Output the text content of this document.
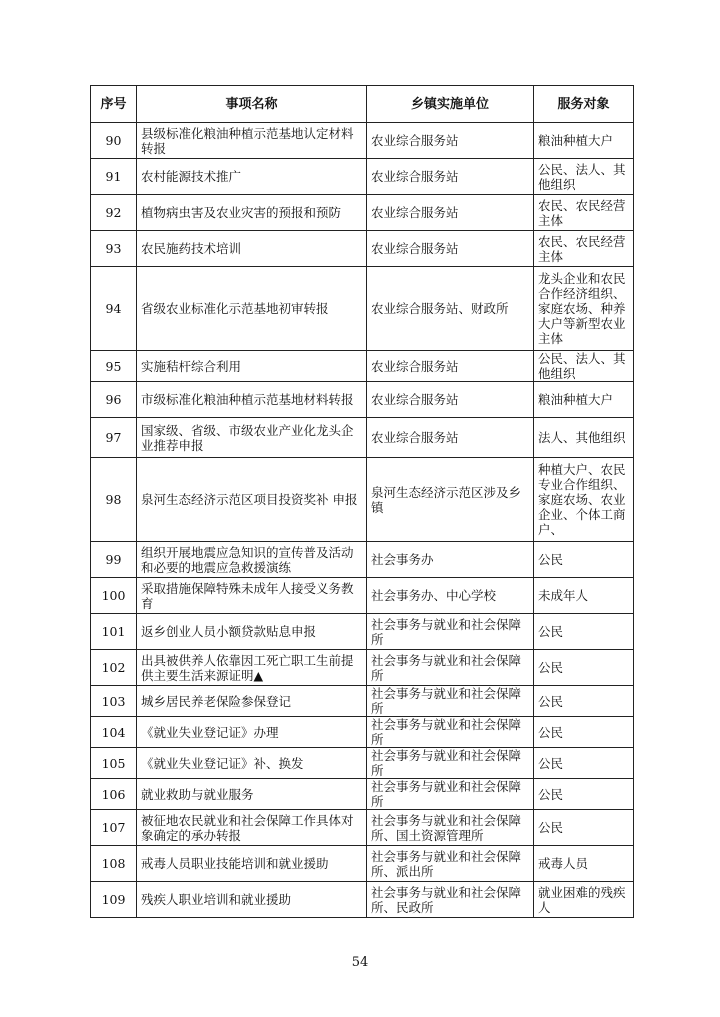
序号	事项名称	乡镇实施单位	服务对象
90	县级标准化粮油种植示范基地认定材料转报	农业综合服务站	粮油种植大户
91	农村能源技术推广	农业综合服务站	公民、法人、其他组织
92	植物病虫害及农业灾害的预报和预防	农业综合服务站	农民、农民经营主体
93	农民施药技术培训	农业综合服务站	农民、农民经营主体
94	省级农业标准化示范基地初审转报	农业综合服务站、财政所	龙头企业和农民合作经济组织、家庭农场、种养大户等新型农业主体
95	实施秸杆综合利用	农业综合服务站	公民、法人、其他组织
96	市级标准化粮油种植示范基地材料转报	农业综合服务站	粮油种植大户
97	国家级、省级、市级农业产业化龙头企业推荐申报	农业综合服务站	法人、其他组织
98	泉河生态经济示范区项目投资奖补 申报	泉河生态经济示范区涉及乡镇	种植大户、农民专业合作组织、家庭农场、农业企业、个体工商户、
99	组织开展地震应急知识的宣传普及活动和必要的地震应急救援演练	社会事务办	公民
100	采取措施保障特殊未成年人接受义务教育	社会事务办、中心学校	未成年人
101	返乡创业人员小额贷款贴息申报	社会事务与就业和社会保障所	公民
102	出具被供养人依靠因工死亡职工生前提供主要生活来源证明▲	社会事务与就业和社会保障所	公民
103	城乡居民养老保险参保登记	社会事务与就业和社会保障所	公民
104	《就业失业登记证》办理	社会事务与就业和社会保障所	公民
105	《就业失业登记证》补、换发	社会事务与就业和社会保障所	公民
106	就业救助与就业服务	社会事务与就业和社会保障所	公民
107	被征地农民就业和社会保障工作具体对象确定的承办转报	社会事务与就业和社会保障所、国土资源管理所	公民
108	戒毒人员职业技能培训和就业援助	社会事务与就业和社会保障所、派出所	戒毒人员
109	残疾人职业培训和就业援助	社会事务与就业和社会保障所、民政所	就业困难的残疾人
54
